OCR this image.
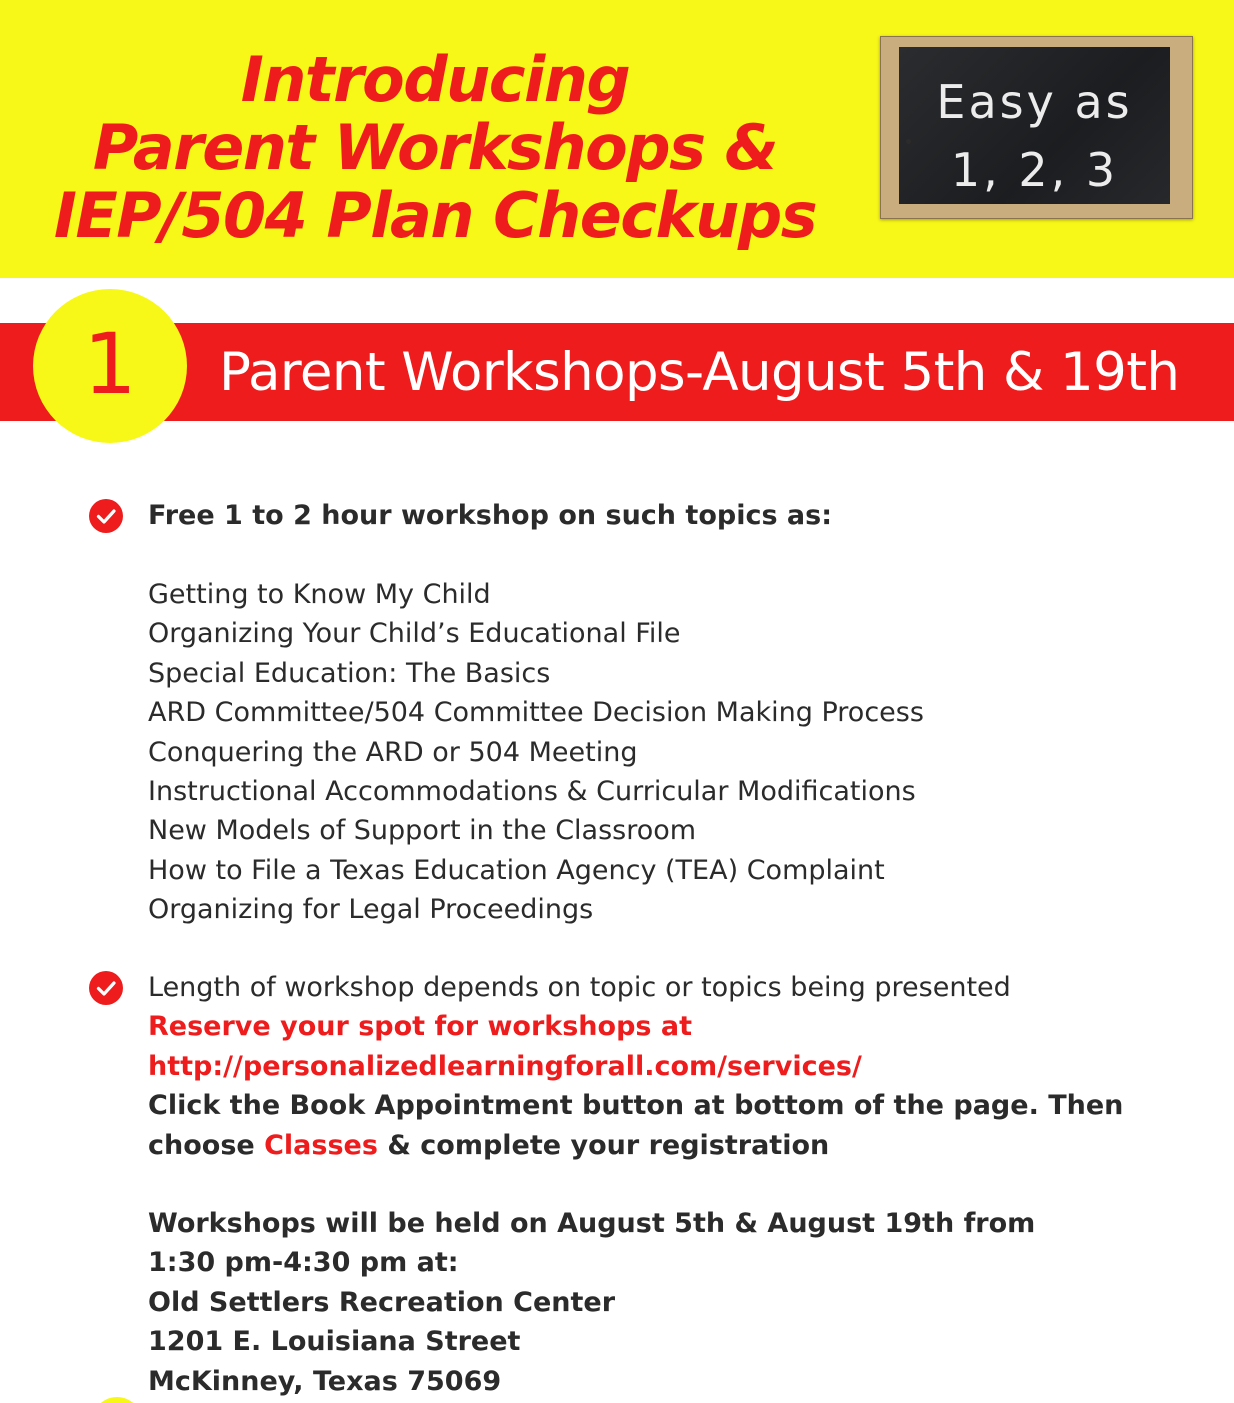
Introducing
Parent Workshops &
IEP/504 Plan Checkups
Easy as
1, 2, 3
Parent Workshops-August 5th & 19th
1
Free 1 to 2 hour workshop on such topics as:
Getting to Know My Child
Organizing Your Child’s Educational File
Special Education: The Basics
ARD Committee/504 Committee Decision Making Process
Conquering the ARD or 504 Meeting
Instructional Accommodations & Curricular Modifications
New Models of Support in the Classroom
How to File a Texas Education Agency (TEA) Complaint
Organizing for Legal Proceedings
Length of workshop depends on topic or topics being presented
Reserve your spot for workshops at
http://personalizedlearningforall.com/services/
Click the Book Appointment button at bottom of the page. Then
choose Classes & complete your registration
Workshops will be held on August 5th & August 19th from
1:30 pm-4:30 pm at:
Old Settlers Recreation Center
1201 E. Louisiana Street
McKinney, Texas 75069
